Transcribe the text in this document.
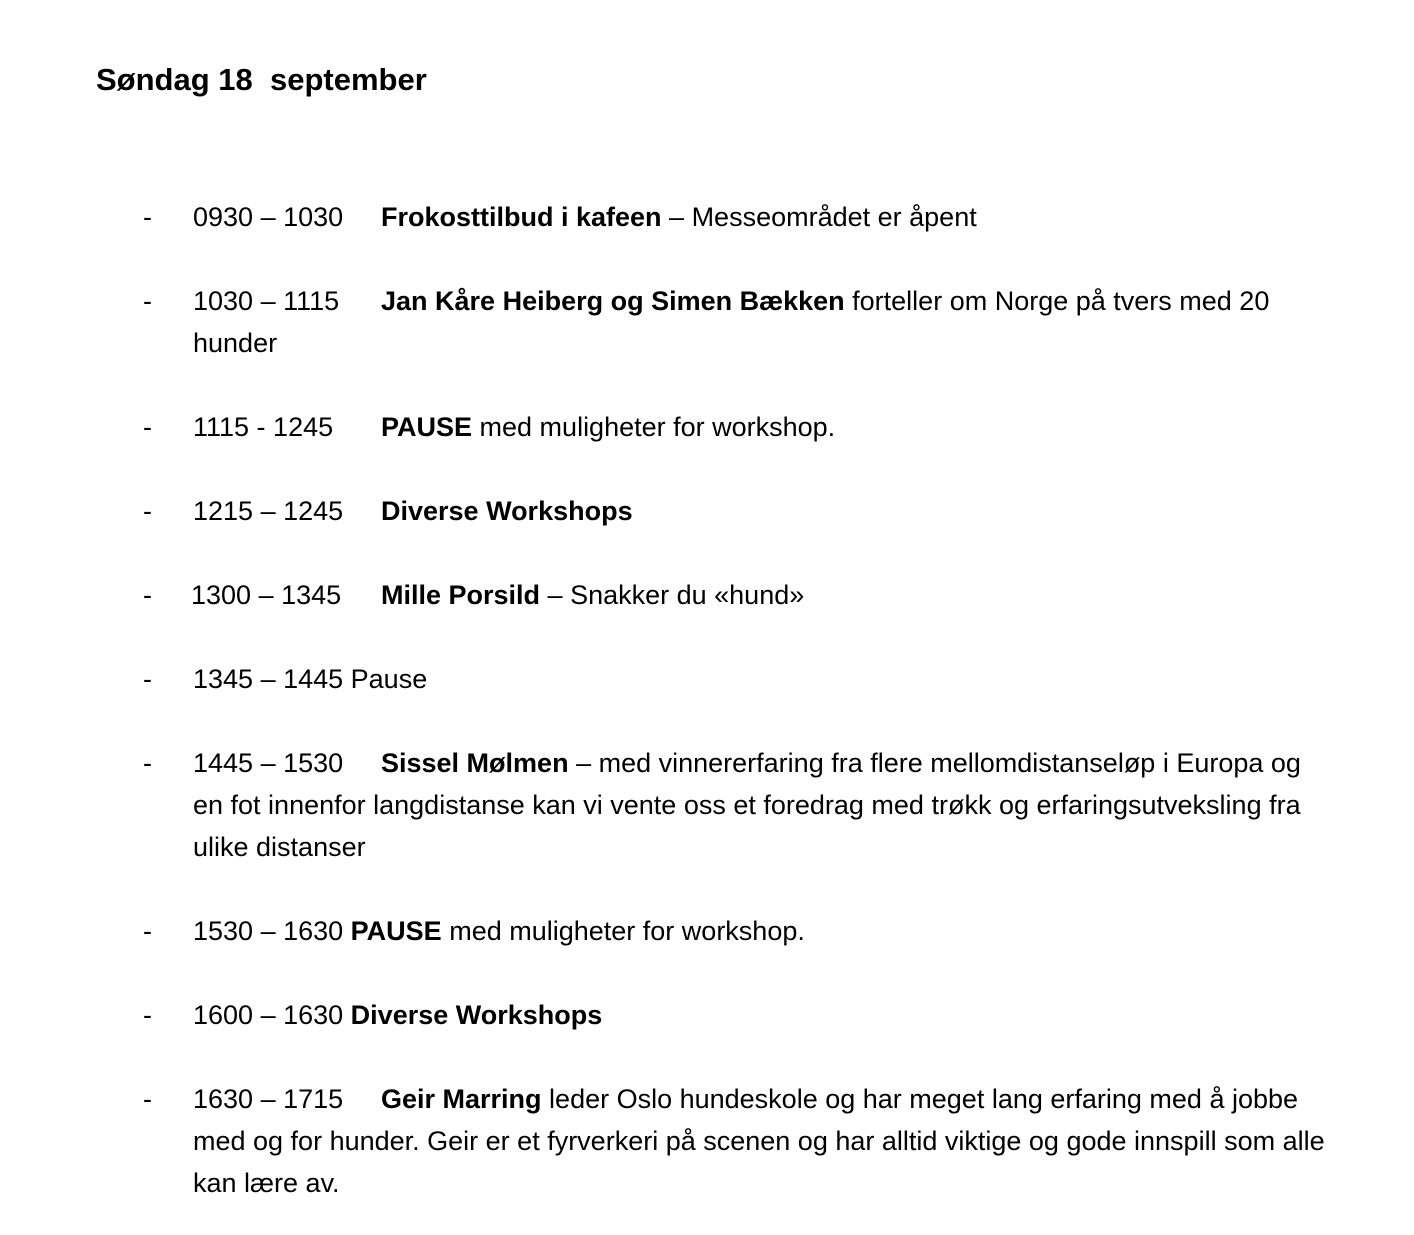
Søndag 18  september
- 0930 – 1030 Frokosttilbud i kafeen – Messeområdet er åpent
- 1030 – 1115 Jan Kåre Heiberg og Simen Bækken forteller om Norge på tvers med 20 hunder
- 1115 - 1245 PAUSE med muligheter for workshop.
- 1215 – 1245 Diverse Workshops
- 1300 – 1345 Mille Porsild – Snakker du «hund»
- 1345 – 1445 Pause
- 1445 – 1530 Sissel Mølmen – med vinnererfaring fra flere mellomdistanseløp i Europa og en fot innenfor langdistanse kan vi vente oss et foredrag med trøkk og erfaringsutveksling fra ulike distanser
- 1530 – 1630 PAUSE med muligheter for workshop.
- 1600 – 1630 Diverse Workshops
- 1630 – 1715 Geir Marring leder Oslo hundeskole og har meget lang erfaring med å jobbe med og for hunder. Geir er et fyrverkeri på scenen og har alltid viktige og gode innspill som alle kan lære av.
